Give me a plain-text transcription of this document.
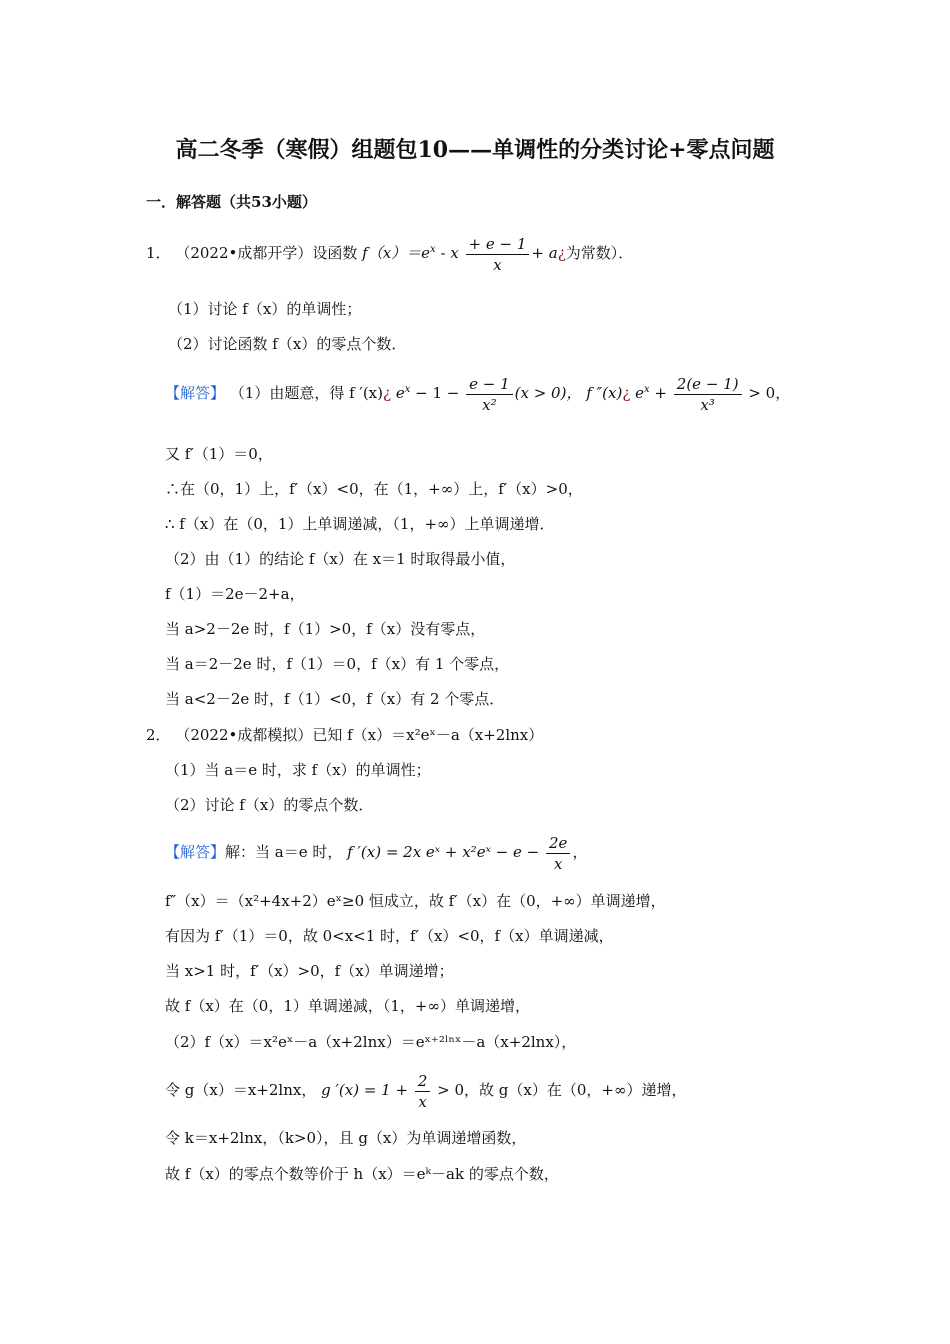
高二冬季（寒假）组题包10——单调性的分类讨论+零点问题
一．解答题（共53小题）
1． （2022•成都开学）设函数 $f(x)=e^x - x \frac{+ e - 1}{x}$ + a¿为常数）．
（1）讨论 f（x）的单调性；
（2）讨论函数 f（x）的零点个数．
【解答】 （1）由题意，得 f ′(x)¿ $e^x - 1 - \frac{e - 1}{\text{x²}} (x > 0)$， f ″(x)¿ $e^x + \frac{2(e - 1)}{\text{x³}} > 0$，
又 f′（1）＝0，
∴在（0，1）上，f′（x）<0，在（1，+∞）上，f′（x）>0，
∴ f（x）在（0，1）上单调递减，（1，+∞）上单调递增．
（2）由（1）的结论 f（x）在 x＝1 时取得最小值，
f（1）＝2e－2+a，
当 a>2－2e 时，f（1）>0，f（x）没有零点，
当 a＝2－2e 时，f（1）＝0，f（x）有 1 个零点，
当 a<2－2e 时，f（1）<0，f（x）有 2 个零点．
2． （2022•成都模拟）已知 f（x）＝x²eˣ－a（x+2lnx）
（1）当 a＝e 时，求 f（x）的单调性；
（2）讨论 f（x）的零点个数．
【解答】解：当 a＝e 时， f ′(x) = 2x eˣ + x²eˣ − $e - \frac{2e}{x}$ ，
f″（x）＝（x²+4x+2）eˣ≥0 恒成立，故 f′（x）在（0，+∞）单调递增，
有因为 f′（1）＝0，故 0<x<1 时，f′（x）<0，f（x）单调递减，
当 x>1 时，f′（x）>0，f（x）单调递增；
故 f（x）在（0，1）单调递减，（1，+∞）单调递增，
（2）f（x）＝x²eˣ－a（x+2lnx）＝eˣ⁺²ˡⁿˣ－a（x+2lnx），
令 g（x）＝x+2lnx， g $'(x) = 1 + \frac{2}{x} > 0$，故 g（x）在（0，+∞）递增，
令 k＝x+2lnx，（k>0），且 g（x）为单调递增函数，
故 f（x）的零点个数等价于 h（x）＝eᵏ－ak 的零点个数，
